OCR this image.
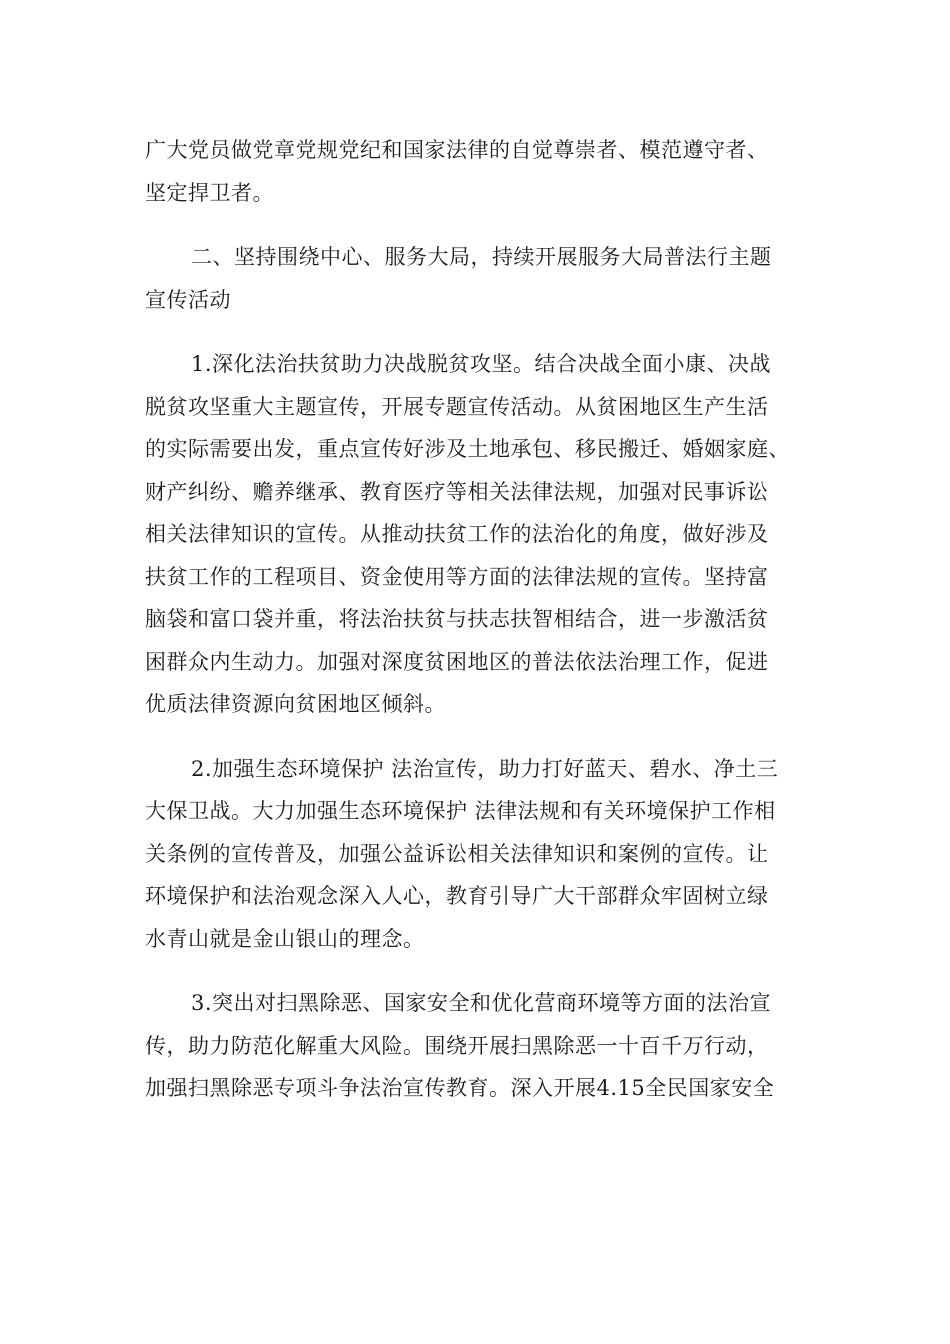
广大党员做党章党规党纪和国家法律的自觉尊崇者、模范遵守者、
坚定捍卫者。
二、坚持围绕中心、服务大局，持续开展服务大局普法行主题
宣传活动
1.深化法治扶贫助力决战脱贫攻坚。结合决战全面小康、决战
脱贫攻坚重大主题宣传，开展专题宣传活动。从贫困地区生产生活
的实际需要出发，重点宣传好涉及土地承包、移民搬迁、婚姻家庭、
财产纠纷、赡养继承、教育医疗等相关法律法规，加强对民事诉讼
相关法律知识的宣传。从推动扶贫工作的法治化的角度，做好涉及
扶贫工作的工程项目、资金使用等方面的法律法规的宣传。坚持富
脑袋和富口袋并重，将法治扶贫与扶志扶智相结合，进一步激活贫
困群众内生动力。加强对深度贫困地区的普法依法治理工作，促进
优质法律资源向贫困地区倾斜。
2.加强生态环境保护 法治宣传，助力打好蓝天、碧水、净土三
大保卫战。大力加强生态环境保护 法律法规和有关环境保护工作相
关条例的宣传普及，加强公益诉讼相关法律知识和案例的宣传。让
环境保护和法治观念深入人心，教育引导广大干部群众牢固树立绿
水青山就是金山银山的理念。
3.突出对扫黑除恶、国家安全和优化营商环境等方面的法治宣
传，助力防范化解重大风险。围绕开展扫黑除恶一十百千万行动，
加强扫黑除恶专项斗争法治宣传教育。深入开展4.15全民国家安全
